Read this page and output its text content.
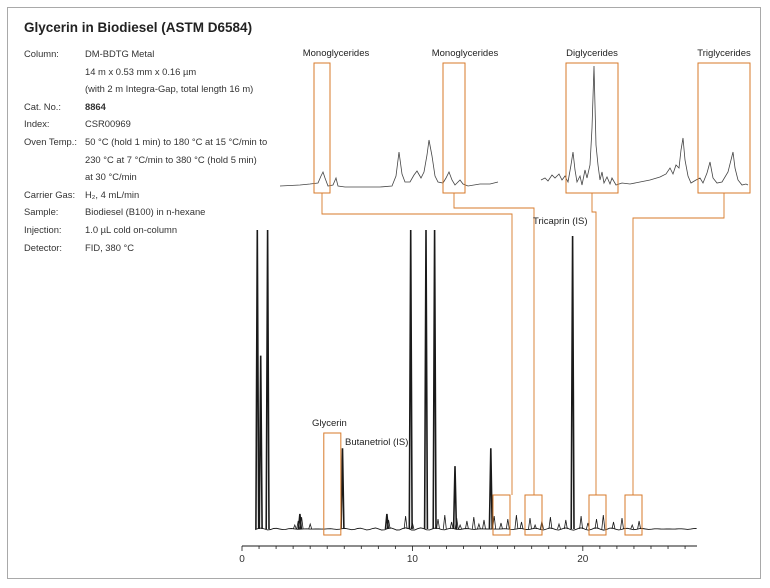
Glycerin in Biodiesel (ASTM D6584)
Column:	DM-BDTG Metal
14 m x 0.53 mm x 0.16 µm
(with 2 m Integra-Gap, total length 16 m)
Cat. No.:	8864
Index:	CSR00969
Oven Temp.: 50 °C (hold 1 min) to 180 °C at 15 °C/min to
230 °C at 7 °C/min to 380 °C (hold 5 min)
at 30 °C/min
Carrier Gas: H₂, 4 mL/min
Sample:	Biodiesel (B100) in n-hexane
Injection: 1.0 µL cold on-column
Detector: FID, 380 °C
0	10	20
Glycerin
Butanetriol (IS)
Tricaprin (IS)
Monoglycerides	Monoglycerides	Diglycerides	Triglycerides
